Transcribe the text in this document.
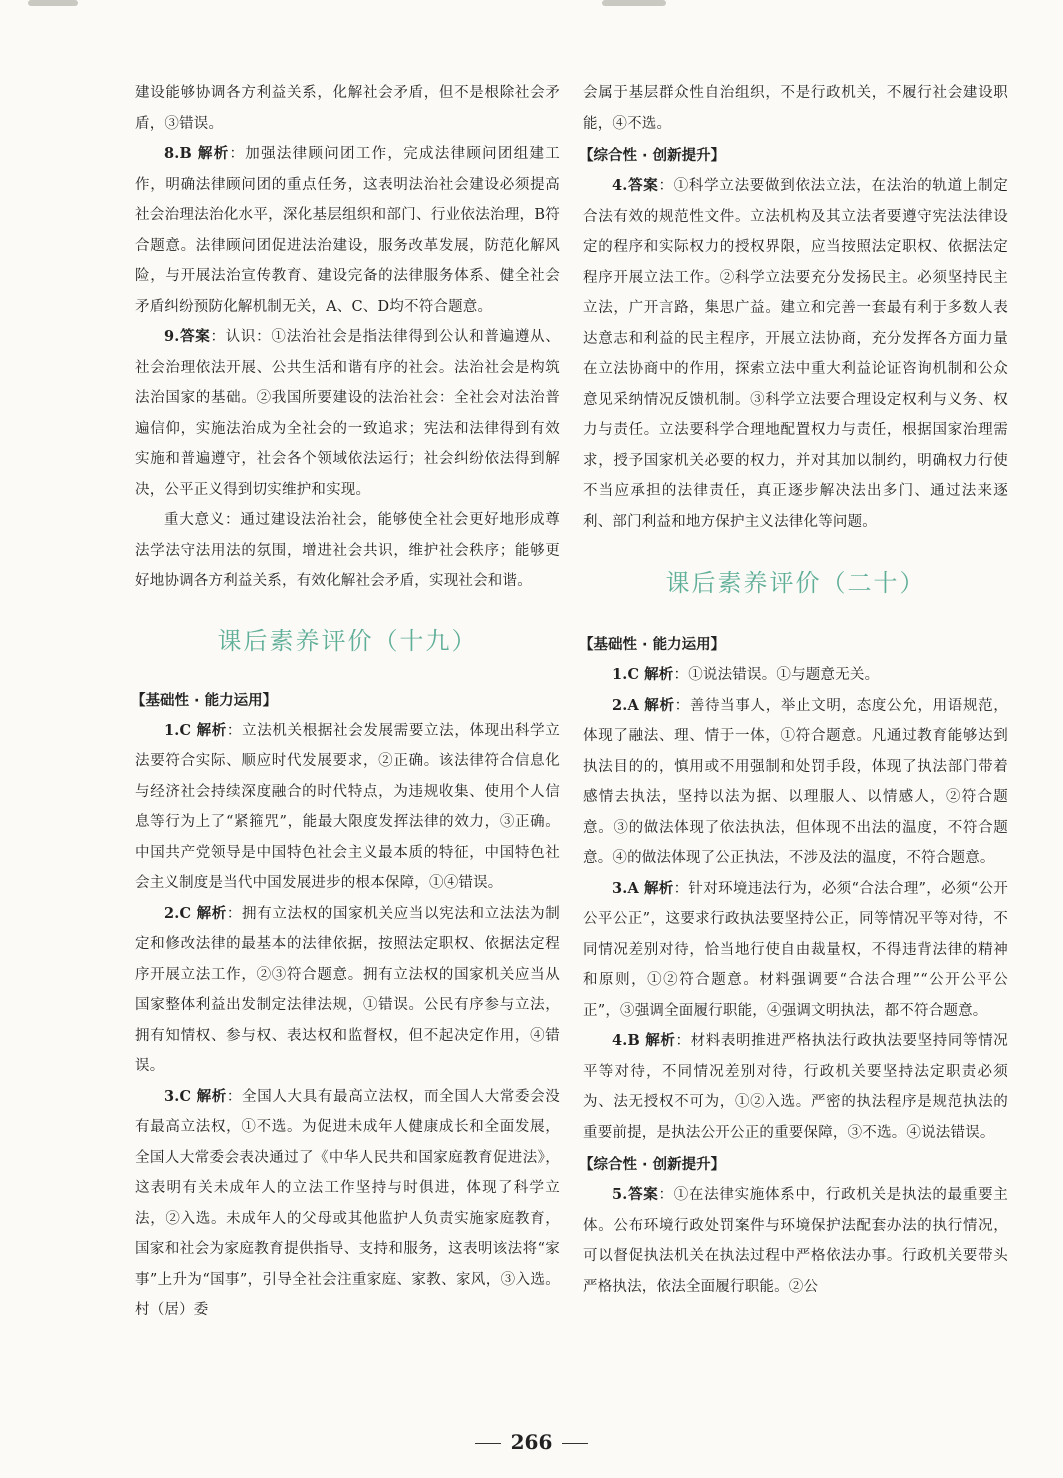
建设能够协调各方利益关系，化解社会矛盾，但不是根除社会矛盾，③错误。

8.B 解析：加强法律顾问团工作，完成法律顾问团组建工作，明确法律顾问团的重点任务，这表明法治社会建设必须提高社会治理法治化水平，深化基层组织和部门、行业依法治理，B符合题意。法律顾问团促进法治建设，服务改革发展，防范化解风险，与开展法治宣传教育、建设完备的法律服务体系、健全社会矛盾纠纷预防化解机制无关，A、C、D均不符合题意。

9.答案：认识：①法治社会是指法律得到公认和普遍遵从、社会治理依法开展、公共生活和谐有序的社会。法治社会是构筑法治国家的基础。②我国所要建设的法治社会：全社会对法治普遍信仰，实施法治成为全社会的一致追求；宪法和法律得到有效实施和普遍遵守，社会各个领域依法运行；社会纠纷依法得到解决，公平正义得到切实维护和实现。

重大意义：通过建设法治社会，能够使全社会更好地形成尊法学法守法用法的氛围，增进社会共识，维护社会秩序；能够更好地协调各方利益关系，有效化解社会矛盾，实现社会和谐。

课后素养评价（十九）
【基础性 · 能力运用】

1.C 解析：立法机关根据社会发展需要立法，体现出科学立法要符合实际、顺应时代发展要求，②正确。该法律符合信息化与经济社会持续深度融合的时代特点，为违规收集、使用个人信息等行为上了“紧箍咒”，能最大限度发挥法律的效力，③正确。中国共产党领导是中国特色社会主义最本质的特征，中国特色社会主义制度是当代中国发展进步的根本保障，①④错误。

2.C 解析：拥有立法权的国家机关应当以宪法和立法法为制定和修改法律的最基本的法律依据，按照法定职权、依据法定程序开展立法工作，②③符合题意。拥有立法权的国家机关应当从国家整体利益出发制定法律法规，①错误。公民有序参与立法，拥有知情权、参与权、表达权和监督权，但不起决定作用，④错误。

3.C 解析：全国人大具有最高立法权，而全国人大常委会没有最高立法权，①不选。为促进未成年人健康成长和全面发展，全国人大常委会表决通过了《中华人民共和国家庭教育促进法》，这表明有关未成年人的立法工作坚持与时俱进，体现了科学立法，②入选。未成年人的父母或其他监护人负责实施家庭教育，国家和社会为家庭教育提供指导、支持和服务，这表明该法将“家事”上升为“国事”，引导全社会注重家庭、家教、家风，③入选。村（居）委

会属于基层群众性自治组织，不是行政机关，不履行社会建设职能，④不选。

【综合性 · 创新提升】

4.答案：①科学立法要做到依法立法，在法治的轨道上制定合法有效的规范性文件。立法机构及其立法者要遵守宪法法律设定的程序和实际权力的授权界限，应当按照法定职权、依据法定程序开展立法工作。②科学立法要充分发扬民主。必须坚持民主立法，广开言路，集思广益。建立和完善一套最有利于多数人表达意志和利益的民主程序，开展立法协商，充分发挥各方面力量在立法协商中的作用，探索立法中重大利益论证咨询机制和公众意见采纳情况反馈机制。③科学立法要合理设定权利与义务、权力与责任。立法要科学合理地配置权力与责任，根据国家治理需求，授予国家机关必要的权力，并对其加以制约，明确权力行使不当应承担的法律责任，真正逐步解决法出多门、通过法来逐利、部门利益和地方保护主义法律化等问题。

课后素养评价（二十）
【基础性 · 能力运用】

1.C 解析：①说法错误。①与题意无关。

2.A 解析：善待当事人，举止文明，态度公允，用语规范，体现了融法、理、情于一体，①符合题意。凡通过教育能够达到执法目的的，慎用或不用强制和处罚手段，体现了执法部门带着感情去执法，坚持以法为据、以理服人、以情感人，②符合题意。③的做法体现了依法执法，但体现不出法的温度，不符合题意。④的做法体现了公正执法，不涉及法的温度，不符合题意。

3.A 解析：针对环境违法行为，必须“合法合理”，必须“公开公平公正”，这要求行政执法要坚持公正，同等情况平等对待，不同情况差别对待，恰当地行使自由裁量权，不得违背法律的精神和原则，①②符合题意。材料强调要“合法合理”“公开公平公正”，③强调全面履行职能，④强调文明执法，都不符合题意。

4.B 解析：材料表明推进严格执法行政执法要坚持同等情况平等对待，不同情况差别对待，行政机关要坚持法定职责必须为、法无授权不可为，①②入选。严密的执法程序是规范执法的重要前提，是执法公开公正的重要保障，③不选。④说法错误。

【综合性 · 创新提升】

5.答案：①在法律实施体系中，行政机关是执法的最重要主体。公布环境行政处罚案件与环境保护法配套办法的执行情况，可以督促执法机关在执法过程中严格依法办事。行政机关要带头严格执法，依法全面履行职能。②公

266
